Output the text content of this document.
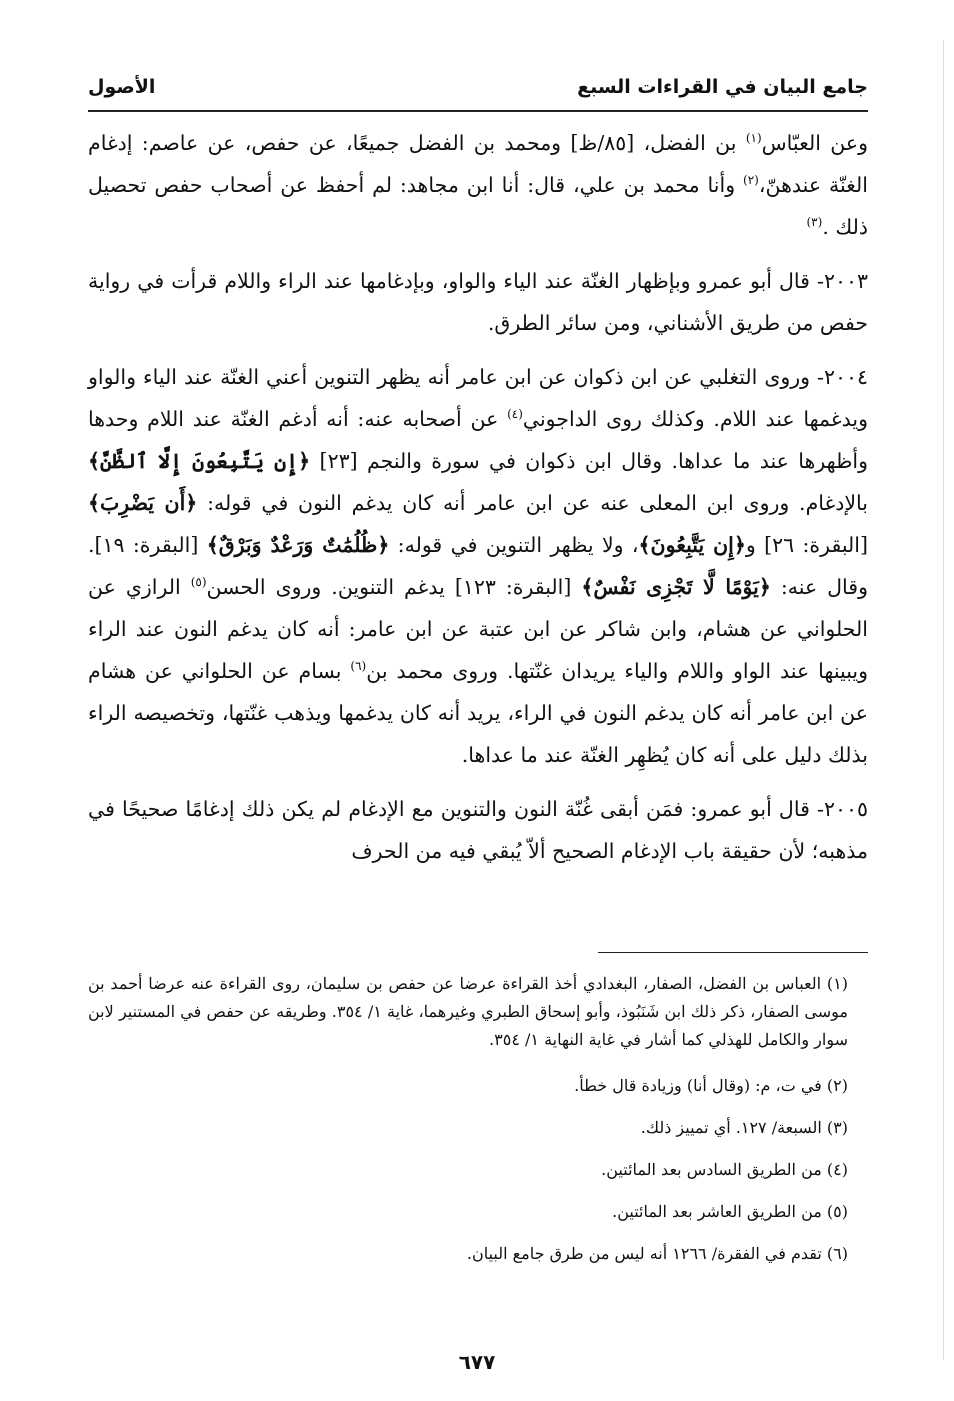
جامع البيان في القراءات السبع
الأصول

وعن العبّاس$^{(١)}$ بن الفضل، [٨٥/ظ] ومحمد بن الفضل جميعًا، عن حفص، عن عاصم: إدغام الغنّة عندهنّ،$^{(٢)}$ وأنا محمد بن علي، قال: أنا ابن مجاهد: لم أحفظ عن أصحاب حفص تحصيل ذلك .$^{(٣)}$

٢٠٠٣- قال أبو عمرو وبإظهار الغنّة عند الياء والواو، وبإدغامها عند الراء واللام قرأت في رواية حفص من طريق الأشناني، ومن سائر الطرق.

٢٠٠٤- وروى التغلبي عن ابن ذكوان عن ابن عامر أنه يظهر التنوين أعني الغنّة عند الياء والواو ويدغمها عند اللام. وكذلك روى الداجوني$^{(٤)}$ عن أصحابه عنه: أنه أدغم الغنّة عند اللام وحدها وأظهرها عند ما عداها. وقال ابن ذكوان في سورة والنجم [٢٣] ﴿إِن يَتَّبِعُونَ إِلَّا ٱلظَّنَّ﴾ بالإدغام. وروى ابن المعلى عنه عن ابن عامر أنه كان يدغم النون في قوله: ﴿أَن يَضْرِبَ﴾ [البقرة: ٢٦] و﴿إِن يَتَّبِعُونَ﴾، ولا يظهر التنوين في قوله: ﴿ظُلُمَٰتٌ وَرَعْدٌ وَبَرْقٌ﴾ [البقرة: ١٩]. وقال عنه: ﴿يَوْمًا لَّا تَجْزِى نَفْسٌ﴾ [البقرة: ١٢٣] يدغم التنوين. وروى الحسن$^{(٥)}$ الرازي عن الحلواني عن هشام، وابن شاكر عن ابن عتبة عن ابن عامر: أنه كان يدغم النون عند الراء ويبينها عند الواو واللام والياء يريدان غنّتها. وروى محمد بن$^{(٦)}$ بسام عن الحلواني عن هشام عن ابن عامر أنه كان يدغم النون في الراء، يريد أنه كان يدغمها ويذهب غنّتها، وتخصيصه الراء بذلك دليل على أنه كان يُظهِر الغنّة عند ما عداها.

٢٠٠٥- قال أبو عمرو: فمَن أبقى غُنّة النون والتنوين مع الإدغام لم يكن ذلك إدغامًا صحيحًا في مذهبه؛ لأن حقيقة باب الإدغام الصحيح ألاّ يُبقي فيه من الحرف

(١) العباس بن الفضل، الصفار، البغدادي أخذ القراءة عرضا عن حفص بن سليمان، روى القراءة عنه عرضا أحمد بن موسى الصفار، ذكر ذلك ابن شَنَبُوذ، وأبو إسحاق الطبري وغيرهما، غاية ١/ ٣٥٤. وطريقه عن حفص في المستنير لابن سوار والكامل للهذلي كما أشار في غاية النهاية ١/ ٣٥٤.

(٢) في ت، م: (وقال أنا) وزيادة قال خطأ.

(٣) السبعة/ ١٢٧. أي تمييز ذلك.

(٤) من الطريق السادس بعد المائتين.

(٥) من الطريق العاشر بعد المائتين.

(٦) تقدم في الفقرة/ ١٢٦٦ أنه ليس من طرق جامع البيان.

٦٧٧
